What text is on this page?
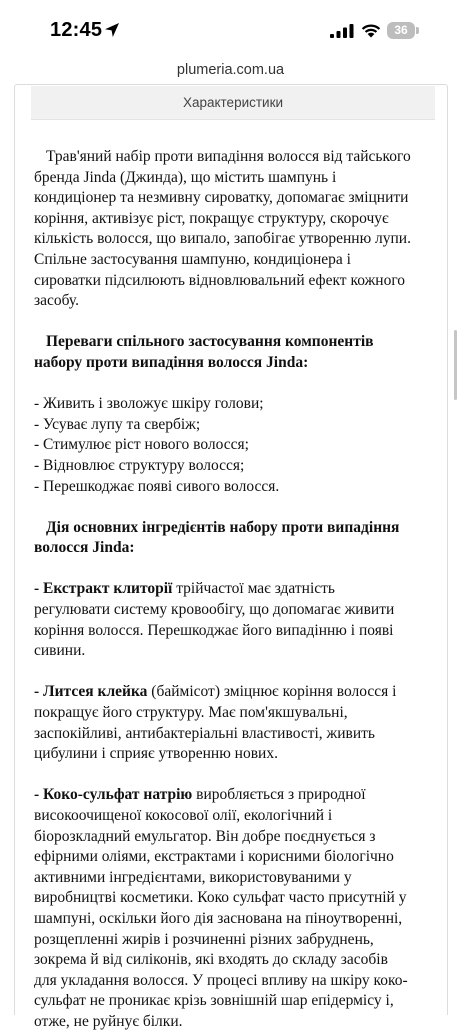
12:45	36
plumeria.com.ua
Характеристики

Трав'яний набір проти випадіння волосся від тайського бренда Jinda (Джинда), що містить шампунь і кондиціонер та незмивну сироватку, допомагає зміцнити коріння, активізує ріст, покращує структуру, скорочує кількість волосся, що випало, запобігає утворенню лупи. Спільне застосування шампуню, кондиціонера і сироватки підсилюють відновлювальний ефект кожного засобу.

Переваги спільного застосування компонентів набору проти випадіння волосся Jinda:

- Живить і зволожує шкіру голови;

- Усуває лупу та свербіж;

- Стимулює ріст нового волосся;

- Відновлює структуру волосся;

- Перешкоджає появі сивого волосся.

Дія основних інгредієнтів набору проти випадіння волосся Jinda:

- Екстракт клиторії трійчастої має здатність регулювати систему кровообігу, що допомагає живити коріння волосся. Перешкоджає його випадінню і появі сивини.

- Литсея клейка (баймісот) зміцнює коріння волосся і покращує його структуру. Має пом'якшувальні, заспокійливі, антибактеріальні властивості, живить цибулини і сприяє утворенню нових.

- Коко-сульфат натрію виробляється з природної високоочищеної кокосової олії, екологічний і біорозкладний емульгатор. Він добре поєднується з ефірними оліями, екстрактами і корисними біологічно активними інгредієнтами, використовуваними у виробництві косметики. Коко сульфат часто присутній у шампуні, оскільки його дія заснована на піноутворенні, розщепленні жирів і розчиненні різних забруднень, зокрема й від силіконів, які входять до складу засобів для укладання волосся. У процесі впливу на шкіру коко-сульфат не проникає крізь зовнішній шар епідермісу і, отже, не руйнує білки.
